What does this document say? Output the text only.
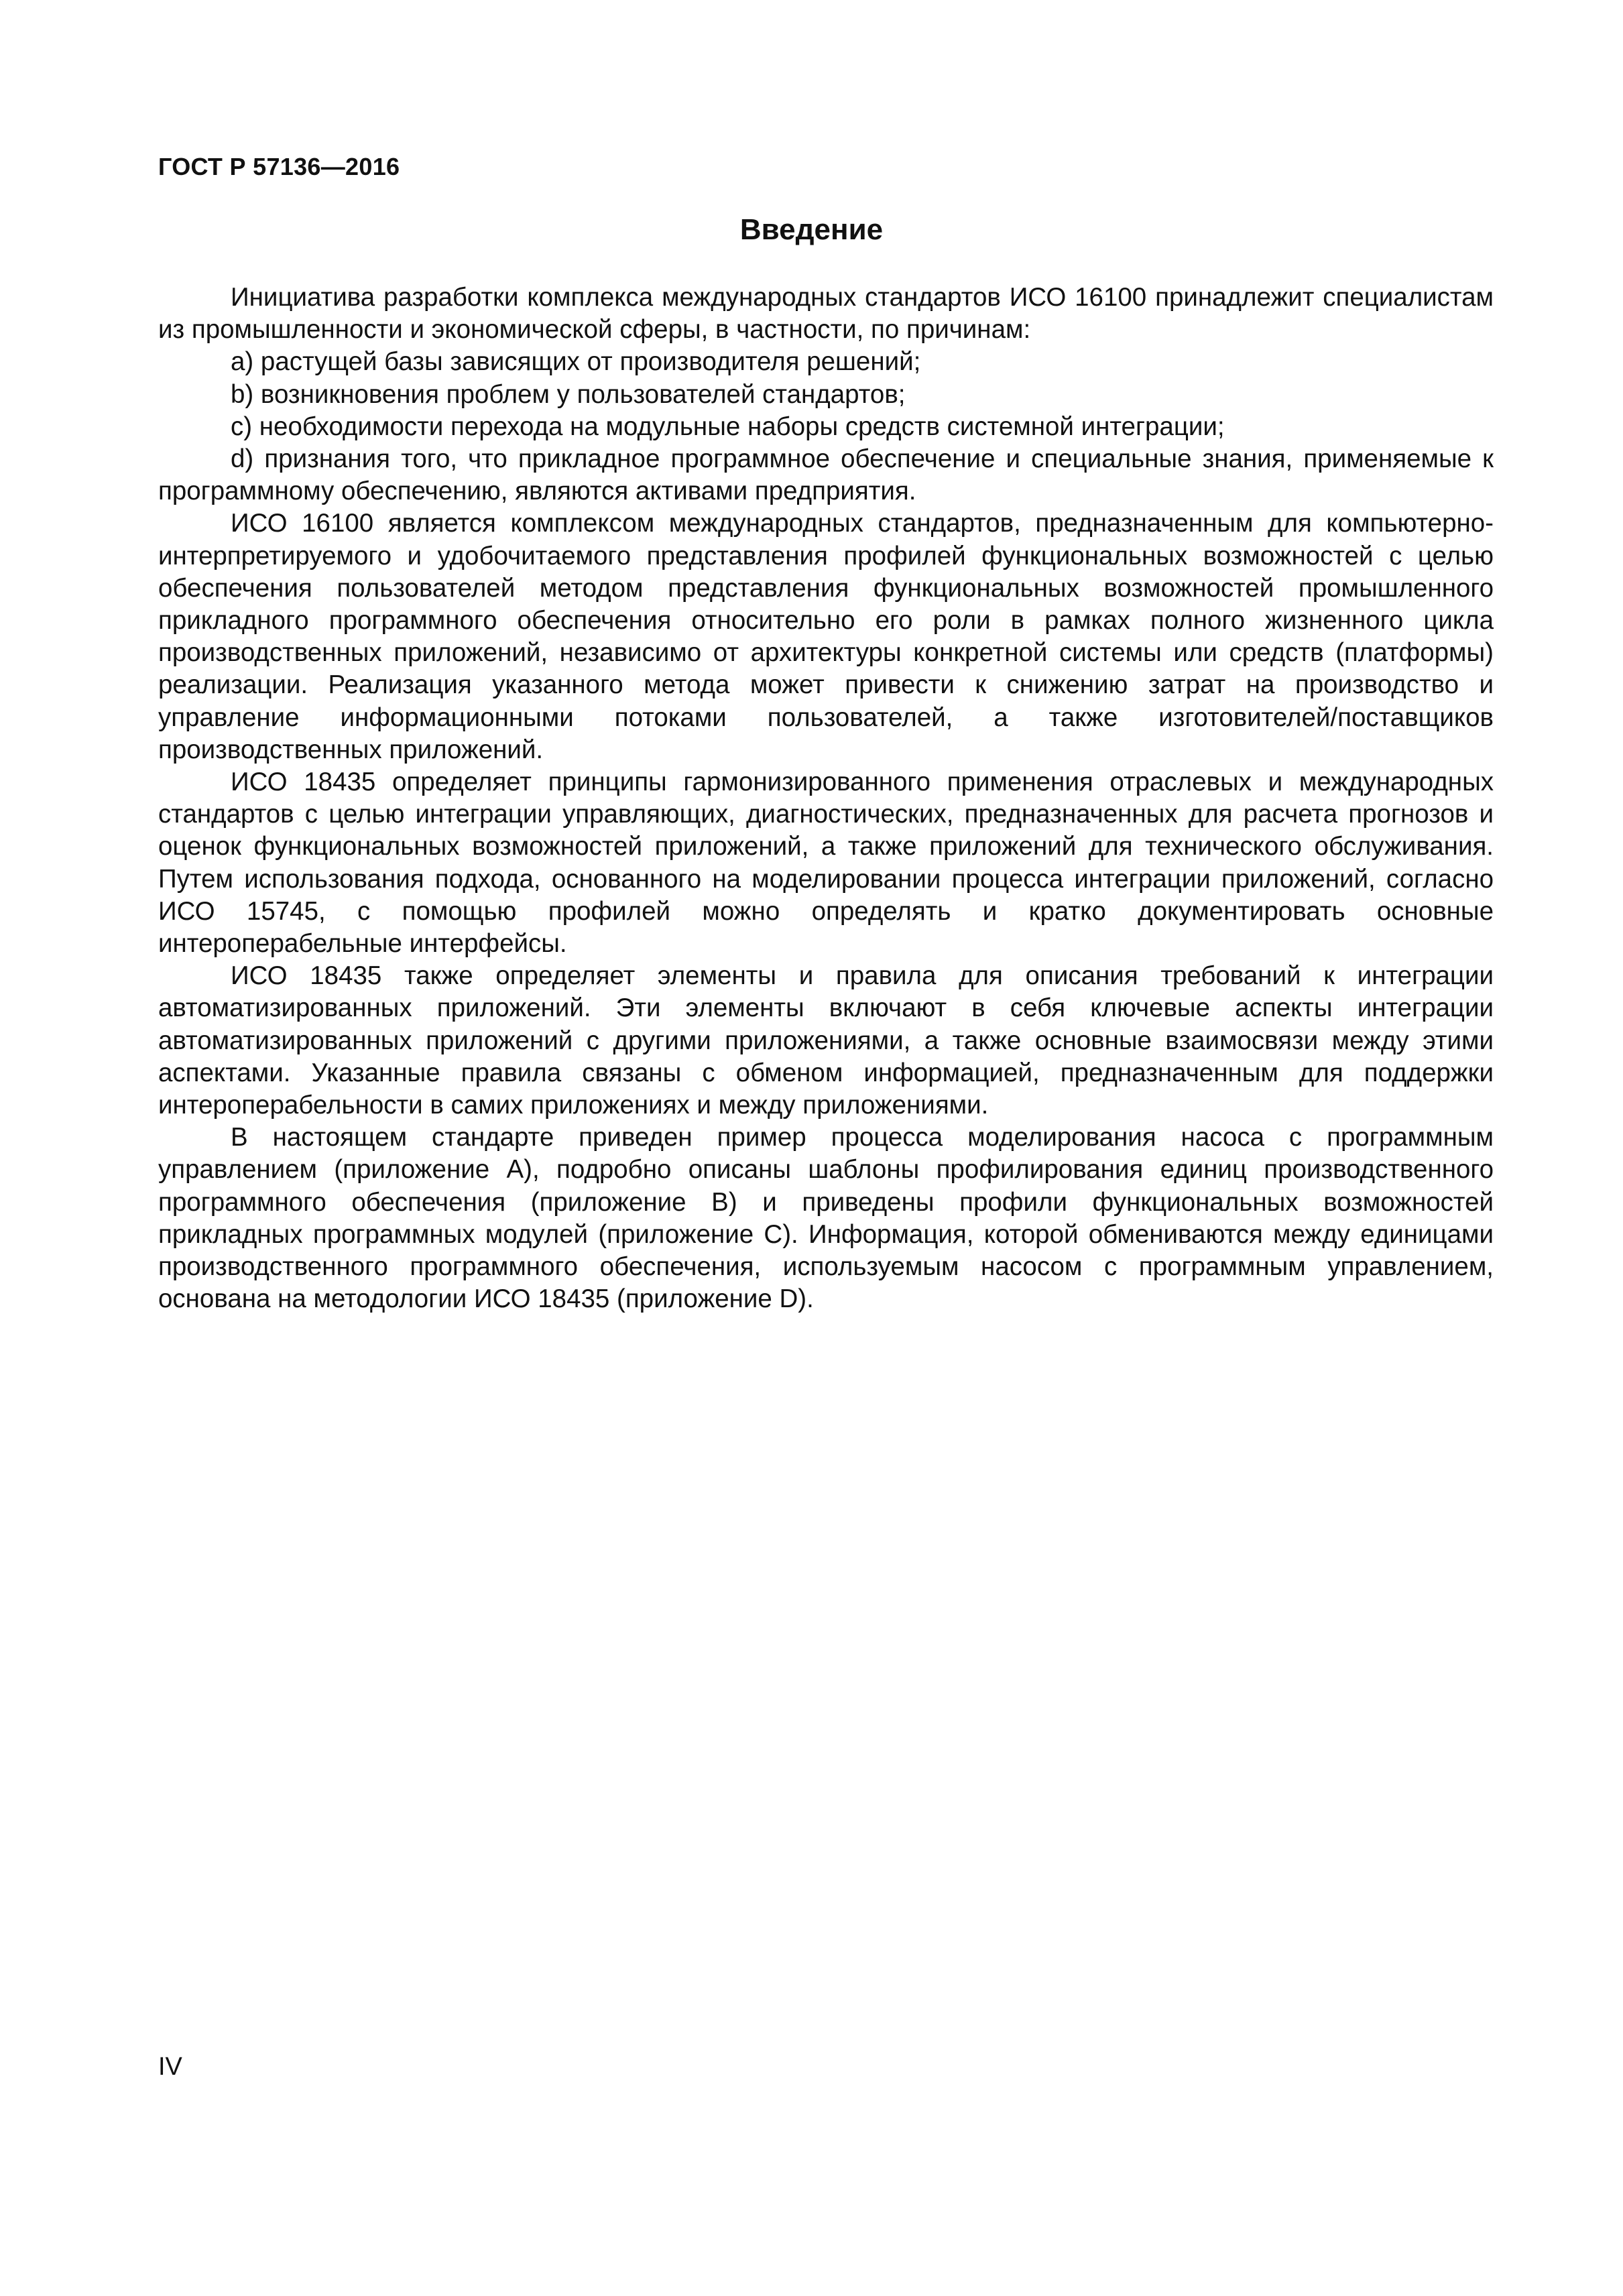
ГОСТ Р 57136—2016
Введение

Инициатива разработки комплекса международных стандартов ИСО 16100 принадлежит специалистам из промышленности и экономической сферы, в частности, по причинам:

a) растущей базы зависящих от производителя решений;

b) возникновения проблем у пользователей стандартов;

c) необходимости перехода на модульные наборы средств системной интеграции;

d) признания того, что прикладное программное обеспечение и специальные знания, применяемые к программному обеспечению, являются активами предприятия.

ИСО 16100 является комплексом международных стандартов, предназначенным для компьютерно-интерпретируемого и удобочитаемого представления профилей функциональных возможностей с целью обеспечения пользователей методом представления функциональных возможностей промышленного прикладного программного обеспечения относительно его роли в рамках полного жизненного цикла производственных приложений, независимо от архитектуры конкретной системы или средств (платформы) реализации. Реализация указанного метода может привести к снижению затрат на производство и управление информационными потоками пользователей, а также изготовителей/поставщиков производственных приложений.

ИСО 18435 определяет принципы гармонизированного применения отраслевых и международных стандартов с целью интеграции управляющих, диагностических, предназначенных для расчета прогнозов и оценок функциональных возможностей приложений, а также приложений для технического обслуживания. Путем использования подхода, основанного на моделировании процесса интеграции приложений, согласно ИСО 15745, с помощью профилей можно определять и кратко документировать основные интероперабельные интерфейсы.

ИСО 18435 также определяет элементы и правила для описания требований к интеграции автоматизированных приложений. Эти элементы включают в себя ключевые аспекты интеграции автоматизированных приложений с другими приложениями, а также основные взаимосвязи между этими аспектами. Указанные правила связаны с обменом информацией, предназначенным для поддержки интероперабельности в самих приложениях и между приложениями.

В настоящем стандарте приведен пример процесса моделирования насоса с программным управлением (приложение А), подробно описаны шаблоны профилирования единиц производственного программного обеспечения (приложение В) и приведены профили функциональных возможностей прикладных программных модулей (приложение С). Информация, которой обмениваются между единицами производственного программного обеспечения, используемым насосом с программным управлением, основана на методологии ИСО 18435 (приложение D).

IV
